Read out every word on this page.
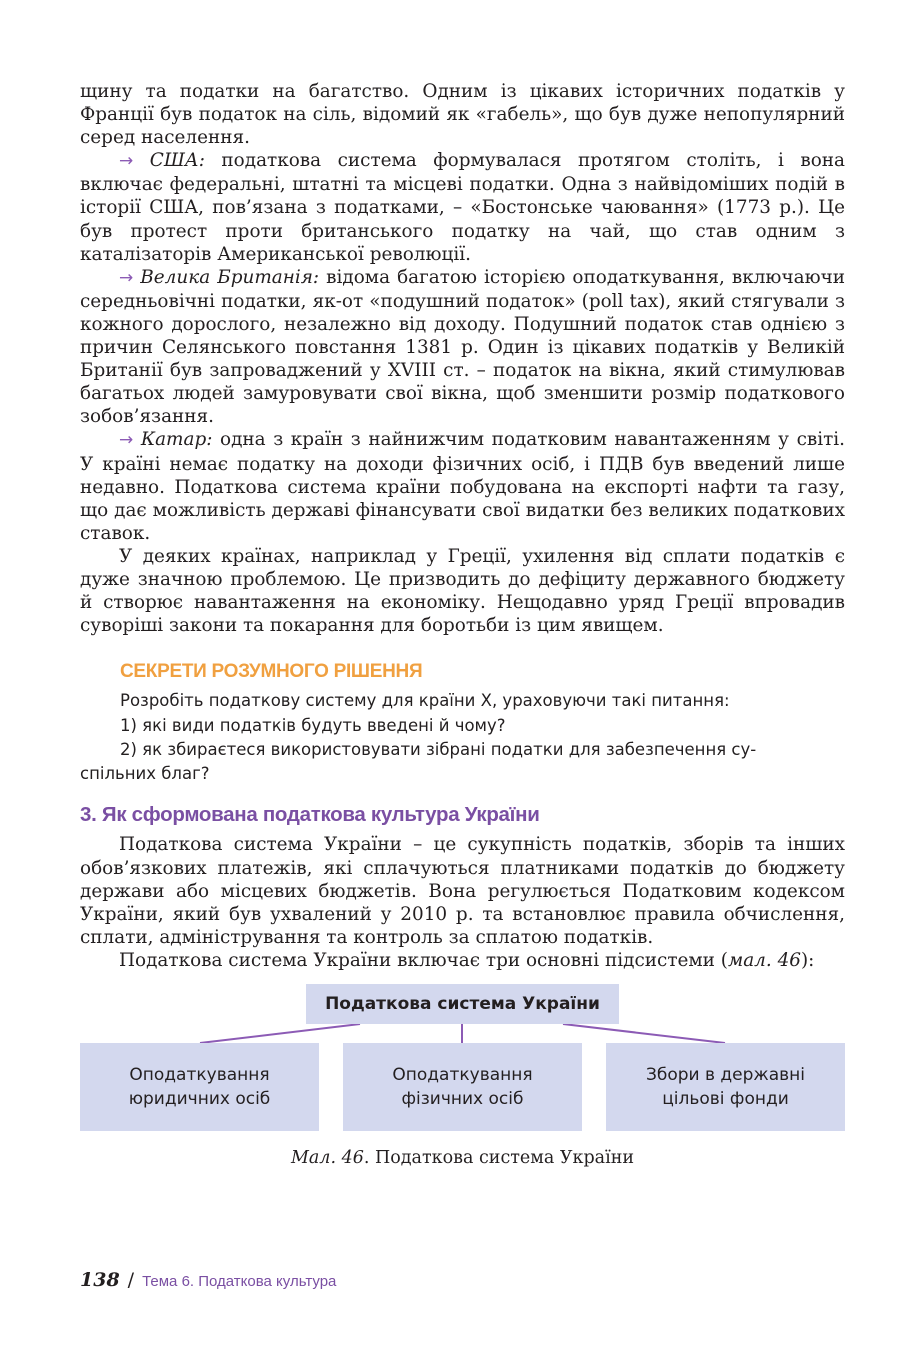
щину та податки на багатство. Одним із цікавих історичних податків у Франції був податок на сіль, відомий як «габель», що був дуже непопулярний серед населення.

→ США: податкова система формувалася протягом століть, і вона включає федеральні, штатні та місцеві податки. Одна з найвідоміших подій в історії США, пов’язана з податками, – «Бостонське чаювання» (1773 р.). Це був протест проти британського податку на чай, що став одним з каталізаторів Американської революції.

→ Велика Британія: відома багатою історією оподаткування, включаючи середньовічні податки, як-от «подушний податок» (poll tax), який стягували з кожного дорослого, незалежно від доходу. Подушний податок став однією з причин Селянського повстання 1381 р. Один із цікавих податків у Великій Британії був запроваджений у XVIII ст. – податок на вікна, який стимулював багатьох людей замуровувати свої вікна, щоб зменшити розмір податкового зобов’язання.

→ Катар: одна з країн з найнижчим податковим навантаженням у світі. У країні немає податку на доходи фізичних осіб, і ПДВ був введений лише недавно. Податкова система країни побудована на експорті нафти та газу, що дає можливість державі фінансувати свої видатки без великих податкових ставок.

У деяких країнах, наприклад у Греції, ухилення від сплати податків є дуже значною проблемою. Це призводить до дефіциту державного бюджету й створює навантаження на економіку. Нещодавно уряд Греції впровадив суворіші закони та покарання для боротьби із цим явищем.

СЕКРЕТИ РОЗУМНОГО РІШЕННЯ

Розробіть податкову систему для країни Х, ураховуючи такі питання:

1) які види податків будуть введені й чому?

2) як збираєтеся використовувати зібрані податки для забезпечення су-

спільних благ?

3. Як сформована податкова культура України

Податкова система України – це сукупність податків, зборів та інших обов’язкових платежів, які сплачуються платниками податків до бюджету держави або місцевих бюджетів. Вона регулюється Податковим кодексом України, який був ухвалений у 2010 р. та встановлює правила обчислення, сплати, адміністрування та контроль за сплатою податків.

Податкова система України включає три основні підсистеми (мал. 46):

Податкова система України
Оподаткування
юридичних осіб
Оподаткування
фізичних осіб
Збори в державні
цільові фонди
Мал. 46. Податкова система України
138 / Тема 6. Податкова культура
